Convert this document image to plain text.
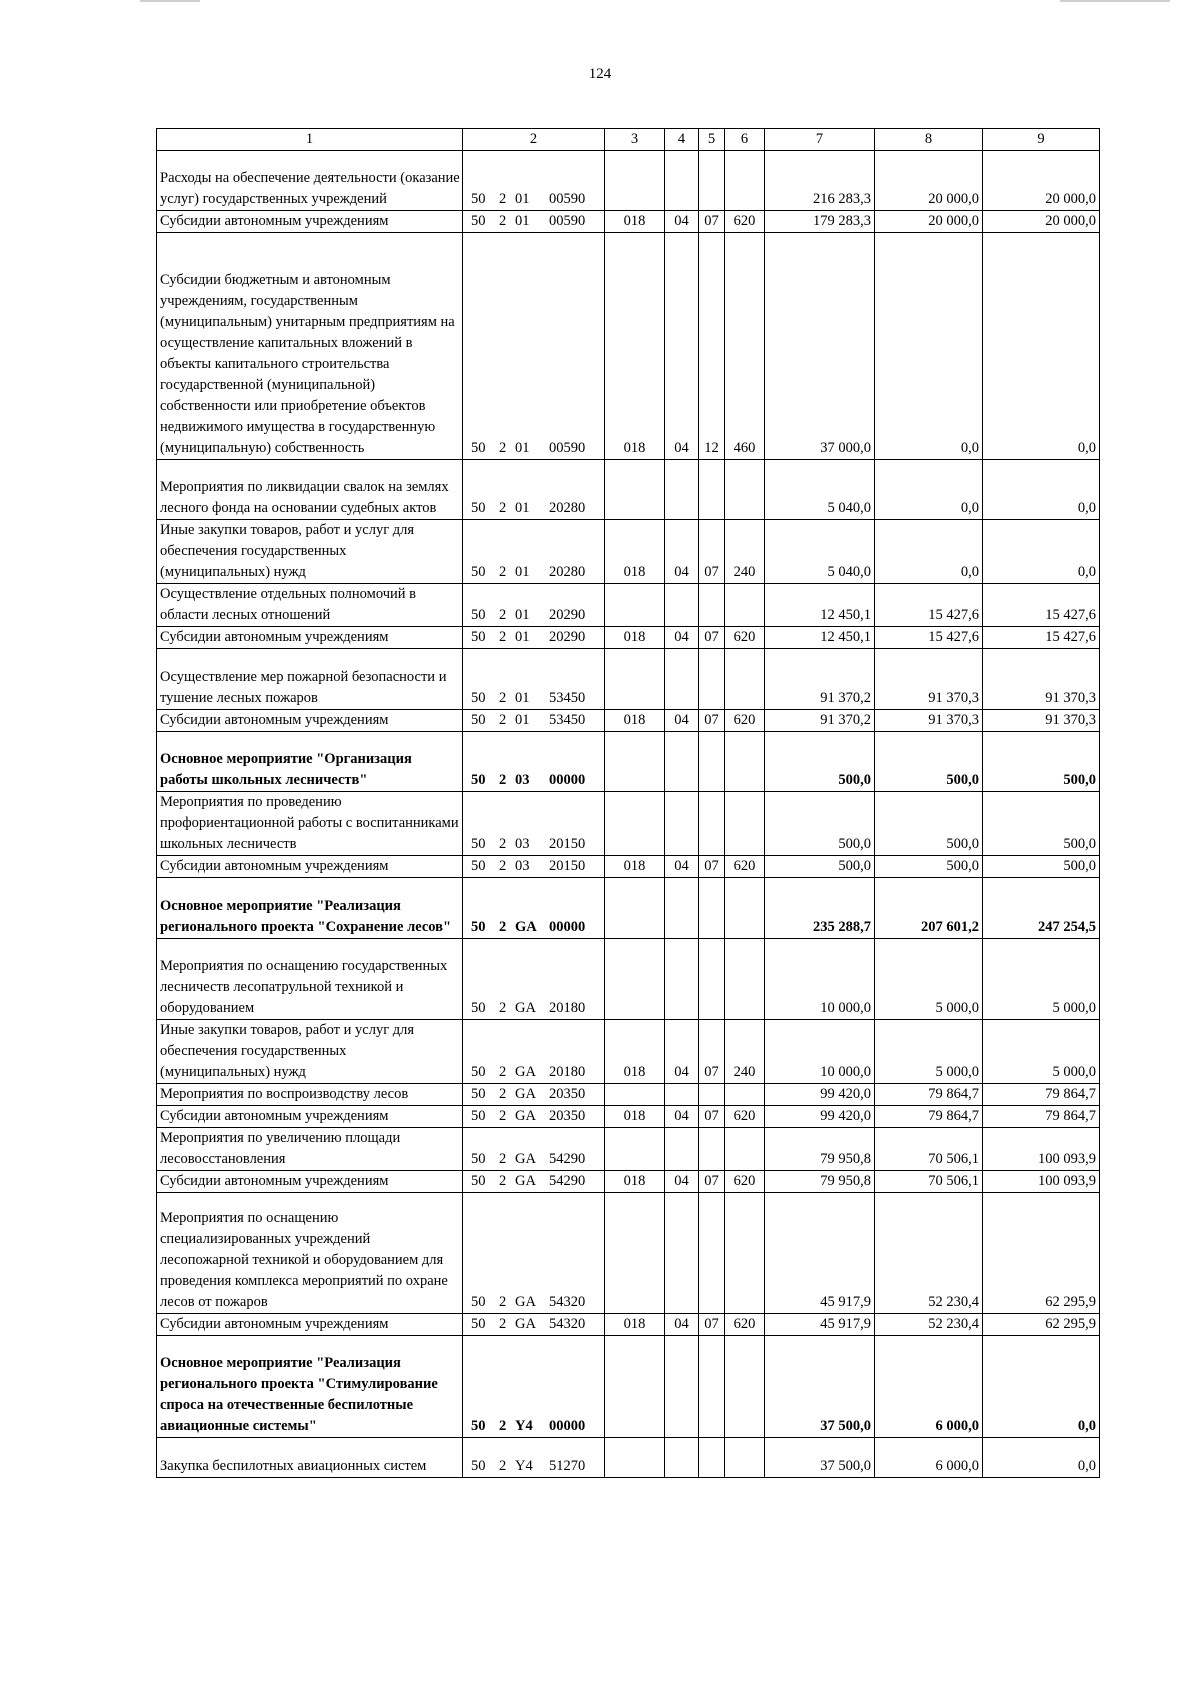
124
1	2	3	4	5	6	7	8	9
Расходы на обеспечение деятельности (оказание услуг) государственных учреждений	50 2 01 00590					216 283,3	20 000,0	20 000,0
Субсидии автономным учреждениям	50 2 01 00590	018	04	07	620	179 283,3	20 000,0	20 000,0
Субсидии бюджетным и автономным учреждениям, государственным (муниципальным) унитарным предприятиям на осуществление капитальных вложений в объекты капитального строительства государственной (муниципальной) собственности или приобретение объектов недвижимого имущества в государственную (муниципальную) собственность	50 2 01 00590	018	04	12	460	37 000,0	0,0	0,0
Мероприятия по ликвидации свалок на землях лесного фонда на основании судебных актов	50 2 01 20280					5 040,0	0,0	0,0
Иные закупки товаров, работ и услуг для обеспечения государственных (муниципальных) нужд	50 2 01 20280	018	04	07	240	5 040,0	0,0	0,0
Осуществление отдельных полномочий в области лесных отношений	50 2 01 20290					12 450,1	15 427,6	15 427,6
Субсидии автономным учреждениям	50 2 01 20290	018	04	07	620	12 450,1	15 427,6	15 427,6
Осуществление мер пожарной безопасности и тушение лесных пожаров	50 2 01 53450					91 370,2	91 370,3	91 370,3
Субсидии автономным учреждениям	50 2 01 53450	018	04	07	620	91 370,2	91 370,3	91 370,3
Основное мероприятие "Организация работы школьных лесничеств"	50 2 03 00000					500,0	500,0	500,0
Мероприятия по проведению профориентационной работы с воспитанниками школьных лесничеств	50 2 03 20150					500,0	500,0	500,0
Субсидии автономным учреждениям	50 2 03 20150	018	04	07	620	500,0	500,0	500,0
Основное мероприятие "Реализация регионального проекта "Сохранение лесов"	50 2 GA 00000					235 288,7	207 601,2	247 254,5
Мероприятия по оснащению государственных лесничеств лесопатрульной техникой и оборудованием	50 2 GA 20180					10 000,0	5 000,0	5 000,0
Иные закупки товаров, работ и услуг для обеспечения государственных (муниципальных) нужд	50 2 GA 20180	018	04	07	240	10 000,0	5 000,0	5 000,0
Мероприятия по воспроизводству лесов	50 2 GA 20350					99 420,0	79 864,7	79 864,7
Субсидии автономным учреждениям	50 2 GA 20350	018	04	07	620	99 420,0	79 864,7	79 864,7
Мероприятия по увеличению площади лесовосстановления	50 2 GA 54290					79 950,8	70 506,1	100 093,9
Субсидии автономным учреждениям	50 2 GA 54290	018	04	07	620	79 950,8	70 506,1	100 093,9
Мероприятия по оснащению специализированных учреждений лесопожарной техникой и оборудованием для проведения комплекса мероприятий по охране лесов от пожаров	50 2 GA 54320					45 917,9	52 230,4	62 295,9
Субсидии автономным учреждениям	50 2 GA 54320	018	04	07	620	45 917,9	52 230,4	62 295,9
Основное мероприятие "Реализация регионального проекта "Стимулирование спроса на отечественные беспилотные авиационные системы"	50 2 Y4 00000					37 500,0	6 000,0	0,0
Закупка беспилотных авиационных систем	50 2 Y4 51270					37 500,0	6 000,0	0,0
